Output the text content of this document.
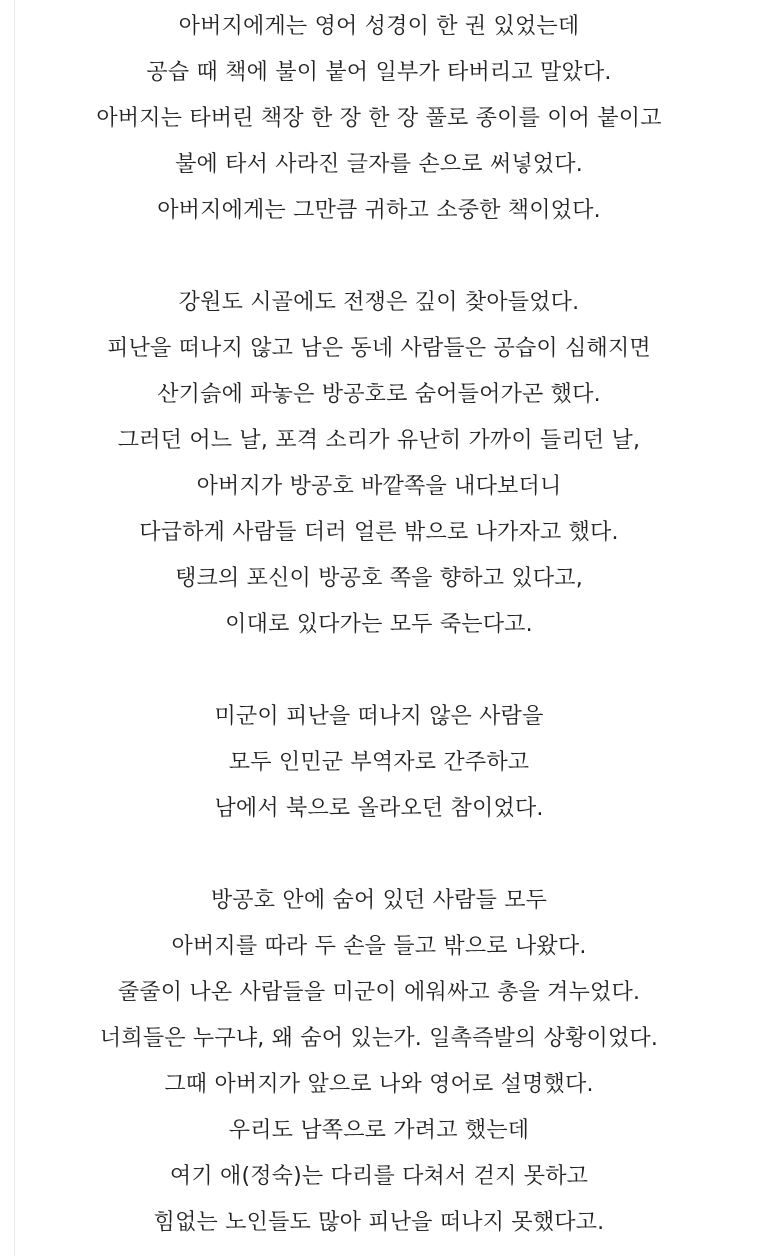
아버지에게는 영어 성경이 한 권 있었는데
공습 때 책에 불이 붙어 일부가 타버리고 말았다.
아버지는 타버린 책장 한 장 한 장 풀로 종이를 이어 붙이고
불에 타서 사라진 글자를 손으로 써넣었다.
아버지에게는 그만큼 귀하고 소중한 책이었다.
강원도 시골에도 전쟁은 깊이 찾아들었다.
피난을 떠나지 않고 남은 동네 사람들은 공습이 심해지면
산기슭에 파놓은 방공호로 숨어들어가곤 했다.
그러던 어느 날, 포격 소리가 유난히 가까이 들리던 날,
아버지가 방공호 바깥쪽을 내다보더니
다급하게 사람들 더러 얼른 밖으로 나가자고 했다.
탱크의 포신이 방공호 쪽을 향하고 있다고,
이대로 있다가는 모두 죽는다고.
미군이 피난을 떠나지 않은 사람을
모두 인민군 부역자로 간주하고
남에서 북으로 올라오던 참이었다.
방공호 안에 숨어 있던 사람들 모두
아버지를 따라 두 손을 들고 밖으로 나왔다.
줄줄이 나온 사람들을 미군이 에워싸고 총을 겨누었다.
너희들은 누구냐, 왜 숨어 있는가. 일촉즉발의 상황이었다.
그때 아버지가 앞으로 나와 영어로 설명했다.
우리도 남쪽으로 가려고 했는데
여기 애(정숙)는 다리를 다쳐서 걷지 못하고
힘없는 노인들도 많아 피난을 떠나지 못했다고.
